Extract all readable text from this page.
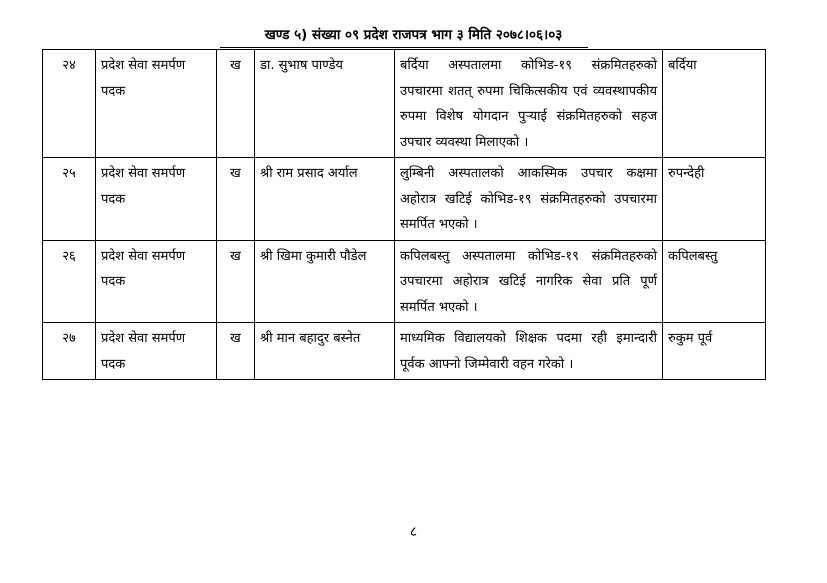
खण्ड ५) संख्या ०९ प्रदेश राजपत्र भाग ३ मिति २०७८।०६।०३
२४	प्रदेश सेवा समर्पण पदक	ख	डा. सुभाष पाण्डेय	बर्दिया अस्पतालमा कोभिड-१९ संक्रमितहरुको उपचारमा शतत् रुपमा चिकित्सकीय एवं व्यवस्थापकीय रुपमा विशेष योगदान पुऱ्याई संक्रमितहरुको सहज उपचार व्यवस्था मिलाएको ।	बर्दिया
२५	प्रदेश सेवा समर्पण पदक	ख	श्री राम प्रसाद अर्याल	लुम्बिनी अस्पतालको आकस्मिक उपचार कक्षमा अहोरात्र खटिई कोभिड-१९ संक्रमितहरुको उपचारमा समर्पित भएको ।	रुपन्देही
२६	प्रदेश सेवा समर्पण पदक	ख	श्री खिमा कुमारी पौडेल	कपिलबस्तु अस्पतालमा कोभिड-१९ संक्रमितहरुको उपचारमा अहोरात्र खटिई नागरिक सेवा प्रति पूर्ण समर्पित भएको ।	कपिलबस्तु
२७	प्रदेश सेवा समर्पण पदक	ख	श्री मान बहादुर बस्नेत	माध्यमिक विद्यालयको शिक्षक पदमा रही इमान्दारी पूर्वक आफ्नो जिम्मेवारी वहन गरेको ।	रुकुम पूर्व
८
